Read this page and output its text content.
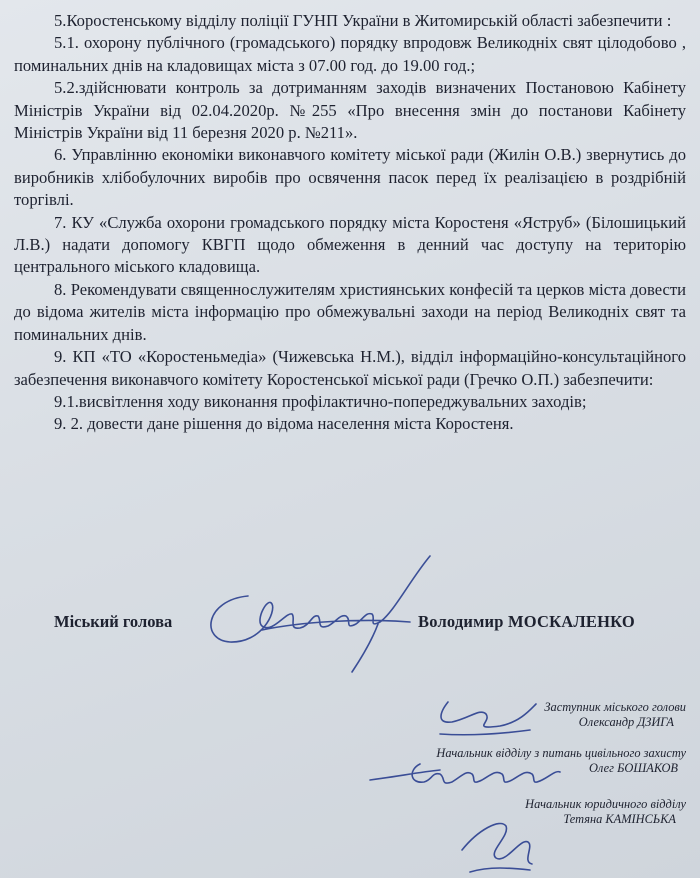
5.Коростенському відділу поліції ГУНП України в Житомирській області забезпечити :

5.1. охорону публічного (громадського) порядку впродовж Великодніх свят цілодобово , поминальних днів на кладовищах міста з 07.00 год. до 19.00 год.;

5.2.здійснювати контроль за дотриманням заходів визначених Постановою Кабінету Міністрів України від 02.04.2020р. №255 «Про внесення змін до постанови Кабінету Міністрів України від 11 березня 2020 р. №211».

6. Управлінню економіки виконавчого комітету міської ради (Жилін О.В.) звернутись до виробників хлібобулочних виробів про освячення пасок перед їх реалізацією в роздрібній торгівлі.

7. КУ «Служба охорони громадського порядку міста Коростеня «Яструб» (Білошицький Л.В.) надати допомогу КВГП щодо обмеження в денний час доступу на територію центрального міського кладовища.

8. Рекомендувати священнослужителям християнських конфесій та церков міста довести до відома жителів міста інформацію про обмежувальні заходи на період Великодніх свят та поминальних днів.

9. КП «ТО «Коростеньмедіа» (Чижевська Н.М.), відділ інформаційно-консультаційного забезпечення виконавчого комітету Коростенської міської ради (Гречко О.П.) забезпечити:

9.1.висвітлення ходу виконання профілактично-попереджувальних заходів;

9. 2. довести дане рішення до відома населення міста Коростеня.

Міський голова	Володимир МОСКАЛЕНКО
Заступник міського голови
Олександр ДЗИГА
Начальник відділу з питань цивільного захисту
Олег БОШАКОВ
Начальник юридичного відділу
Тетяна КАМІНСЬКА
